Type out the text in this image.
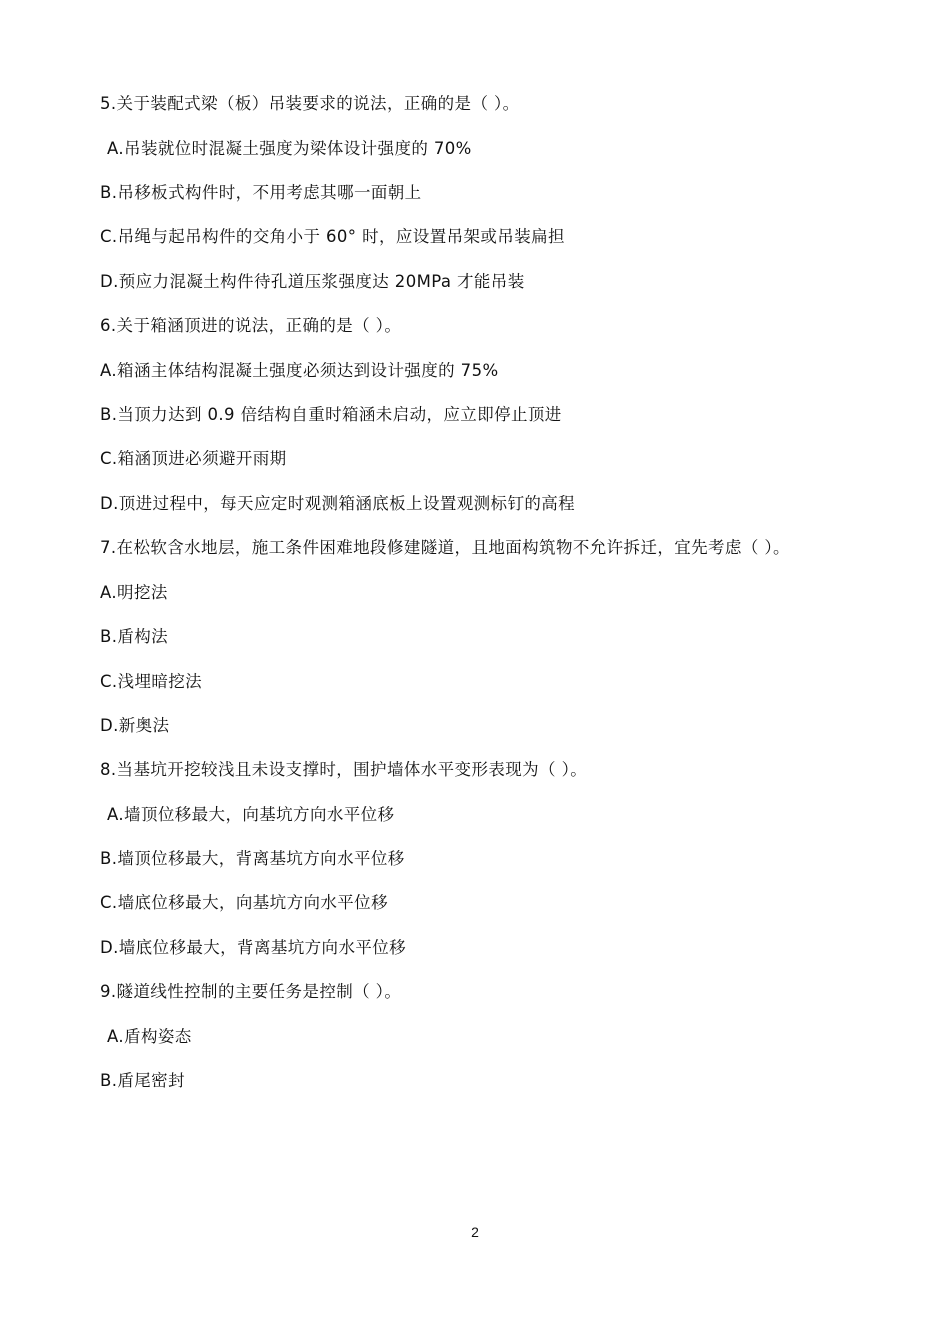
5.关于装配式梁（板）吊装要求的说法，正确的是（ ）。
A.吊装就位时混凝土强度为梁体设计强度的 70%
B.吊移板式构件时，不用考虑其哪一面朝上
C.吊绳与起吊构件的交角小于 60° 时，应设置吊架或吊装扁担
D.预应力混凝土构件待孔道压浆强度达 20MPa 才能吊装
6.关于箱涵顶进的说法，正确的是（ ）。
A.箱涵主体结构混凝土强度必须达到设计强度的 75%
B.当顶力达到 0.9 倍结构自重时箱涵未启动，应立即停止顶进
C.箱涵顶进必须避开雨期
D.顶进过程中，每天应定时观测箱涵底板上设置观测标钉的高程
7.在松软含水地层，施工条件困难地段修建隧道，且地面构筑物不允许拆迁，宜先考虑（ ）。
A.明挖法
B.盾构法
C.浅埋暗挖法
D.新奥法
8.当基坑开挖较浅且未设支撑时，围护墙体水平变形表现为（ ）。
A.墙顶位移最大，向基坑方向水平位移
B.墙顶位移最大，背离基坑方向水平位移
C.墙底位移最大，向基坑方向水平位移
D.墙底位移最大，背离基坑方向水平位移
9.隧道线性控制的主要任务是控制（ ）。
A.盾构姿态
B.盾尾密封
2
